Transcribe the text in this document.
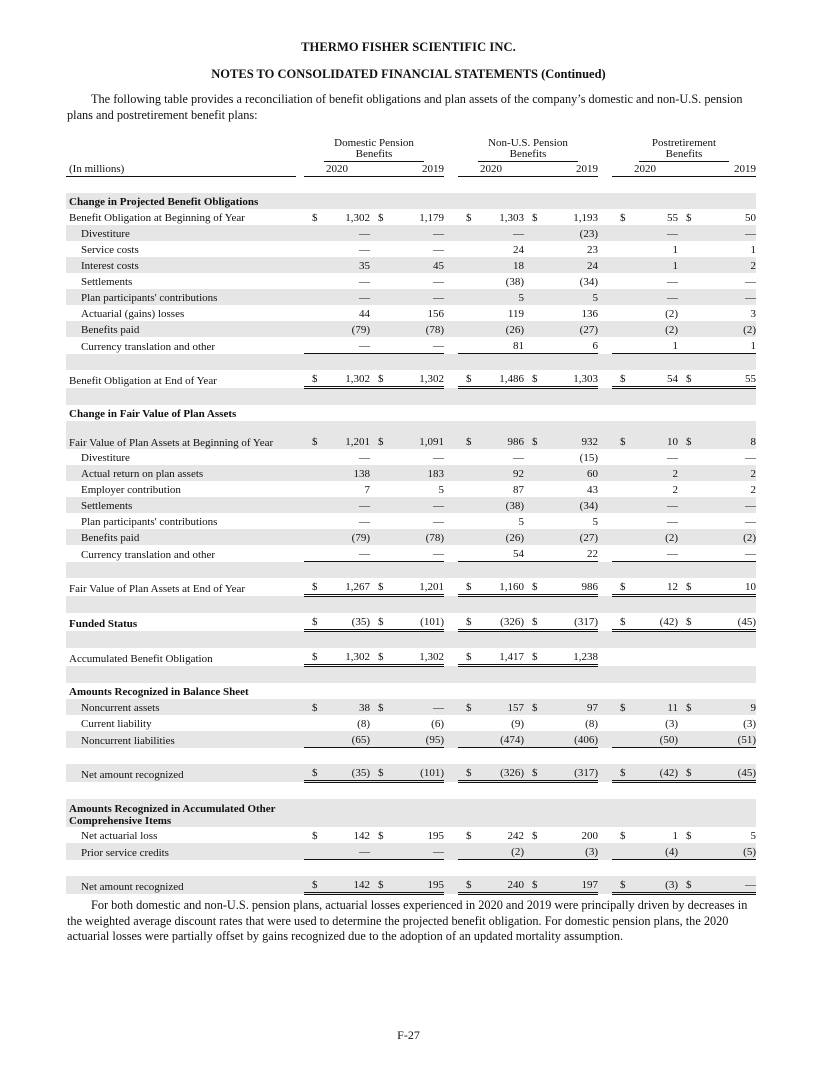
THERMO FISHER SCIENTIFIC INC.
NOTES TO CONSOLIDATED FINANCIAL STATEMENTS (Continued)

The following table provides a reconciliation of benefit obligations and plan assets of the company’s domestic and non-U.S. pension plans and postretirement benefit plans:

		Domestic Pension Benefits					Non-U.S. Pension Benefits					Postretirement Benefits			

(In millions)		2020		2019			2020		2019			2020		2019	

Change in Projected Benefit Obligations															
Benefit Obligation at Beginning of Year		$	1,302	$	1,179		$	1,303	$	1,193		$	55	$	50
Divestiture			—		—			—		(23)			—		—
Service costs			—		—			24		23			1		1
Interest costs			35		45			18		24			1		2
Settlements			—		—			(38)		(34)			—		—
Plan participants' contributions			—		—			5		5			—		—
Actuarial (gains) losses			44		156			119		136			(2)		3
Benefits paid			(79)		(78)			(26)		(27)			(2)		(2)
Currency translation and other			—		—			81		6			1		1

Benefit Obligation at End of Year		$	1,302	$	1,302		$	1,486	$	1,303		$	54	$	55

Change in Fair Value of Plan Assets															
Fair Value of Plan Assets at Beginning of Year		$	1,201	$	1,091		$	986	$	932		$	10	$	8
Divestiture			—		—			—		(15)			—		—
Actual return on plan assets			138		183			92		60			2		2
Employer contribution			7		5			87		43			2		2
Settlements			—		—			(38)		(34)			—		—
Plan participants' contributions			—		—			5		5			—		—
Benefits paid			(79)		(78)			(26)		(27)			(2)		(2)
Currency translation and other			—		—			54		22			—		—

Fair Value of Plan Assets at End of Year		$	1,267	$	1,201		$	1,160	$	986		$	12	$	10

Funded Status		$	(35)	$	(101)		$	(326)	$	(317)		$	(42)	$	(45)

Accumulated Benefit Obligation		$	1,302	$	1,302		$	1,417	$	1,238					

Amounts Recognized in Balance Sheet															
Noncurrent assets		$	38	$	—		$	157	$	97		$	11	$	9
Current liability			(8)		(6)			(9)		(8)			(3)		(3)
Noncurrent liabilities			(65)		(95)			(474)		(406)			(50)		(51)

Net amount recognized		$	(35)	$	(101)		$	(326)	$	(317)		$	(42)	$	(45)

Amounts Recognized in Accumulated Other Comprehensive Items															
Net actuarial loss		$	142	$	195		$	242	$	200		$	1	$	5
Prior service credits			—		—			(2)		(3)			(4)		(5)

Net amount recognized		$	142	$	195		$	240	$	197		$	(3)	$	—

For both domestic and non-U.S. pension plans, actuarial losses experienced in 2020 and 2019 were principally driven by decreases in the weighted average discount rates that were used to determine the projected benefit obligation. For domestic pension plans, the 2020 actuarial losses were partially offset by gains recognized due to the adoption of an updated mortality assumption.

F-27
